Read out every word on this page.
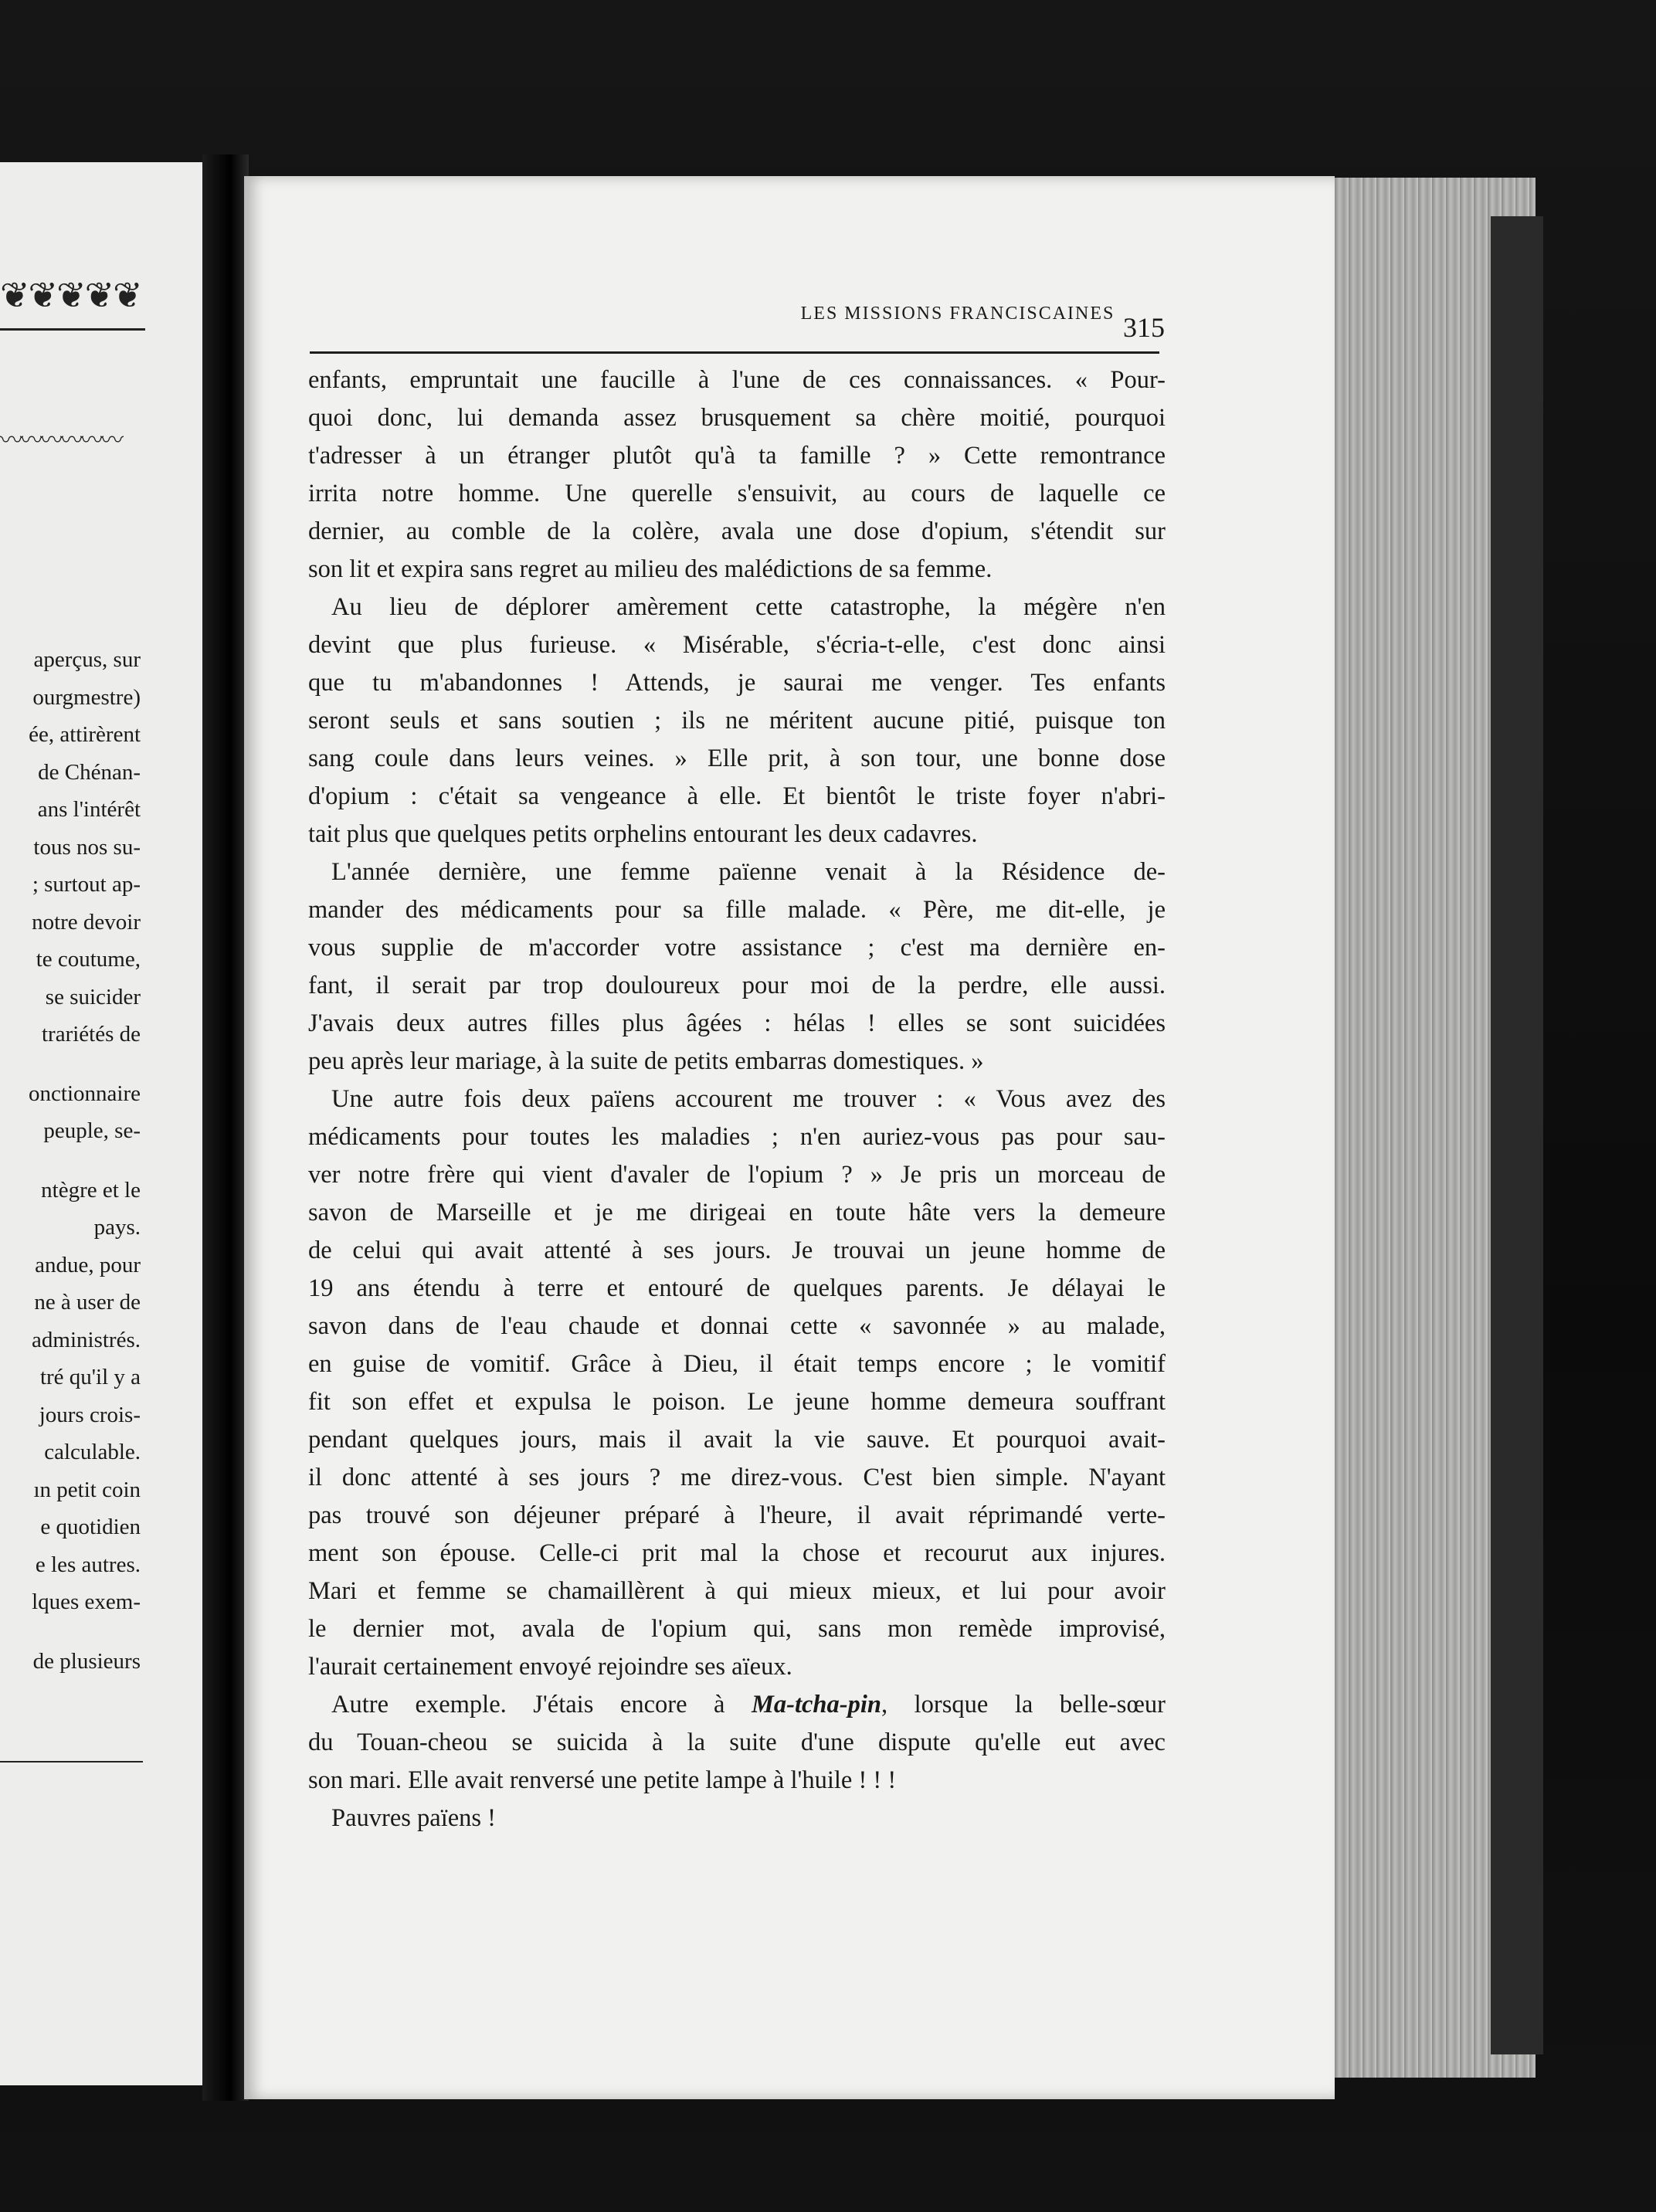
❦❦❦❦❦
〰〰〰〰〰〰
aperçus, sur
ourgmestre)
ée, attirèrent
de Chénan-
ans l'intérêt
tous nos su-
; surtout ap-
notre devoir
te coutume,
se suicider
trariétés de
onctionnaire
peuple, se-
ntègre et le
pays.
andue, pour
ne à user de
administrés.
tré qu'il y a
jours crois-
calculable.
ın petit coin
e quotidien
e les autres.
lques exem-
de plusieurs
LES MISSIONS FRANCISCAINES 315
enfants, empruntait une faucille à l'une de ces connaissances. « Pour-
quoi donc, lui demanda assez brusquement sa chère moitié, pourquoi
t'adresser à un étranger plutôt qu'à ta famille ? » Cette remontrance
irrita notre homme. Une querelle s'ensuivit, au cours de laquelle ce
dernier, au comble de la colère, avala une dose d'opium, s'étendit sur
son lit et expira sans regret au milieu des malédictions de sa femme.
Au lieu de déplorer amèrement cette catastrophe, la mégère n'en
devint que plus furieuse. « Misérable, s'écria-t-elle, c'est donc ainsi
que tu m'abandonnes ! Attends, je saurai me venger. Tes enfants
seront seuls et sans soutien ; ils ne méritent aucune pitié, puisque ton
sang coule dans leurs veines. » Elle prit, à son tour, une bonne dose
d'opium : c'était sa vengeance à elle. Et bientôt le triste foyer n'abri-
tait plus que quelques petits orphelins entourant les deux cadavres.
L'année dernière, une femme païenne venait à la Résidence de-
mander des médicaments pour sa fille malade. « Père, me dit-elle, je
vous supplie de m'accorder votre assistance ; c'est ma dernière en-
fant, il serait par trop douloureux pour moi de la perdre, elle aussi.
J'avais deux autres filles plus âgées : hélas ! elles se sont suicidées
peu après leur mariage, à la suite de petits embarras domestiques. »
Une autre fois deux païens accourent me trouver : « Vous avez des
médicaments pour toutes les maladies ; n'en auriez-vous pas pour sau-
ver notre frère qui vient d'avaler de l'opium ? » Je pris un morceau de
savon de Marseille et je me dirigeai en toute hâte vers la demeure
de celui qui avait attenté à ses jours. Je trouvai un jeune homme de
19 ans étendu à terre et entouré de quelques parents. Je délayai le
savon dans de l'eau chaude et donnai cette « savonnée » au malade,
en guise de vomitif. Grâce à Dieu, il était temps encore ; le vomitif
fit son effet et expulsa le poison. Le jeune homme demeura souffrant
pendant quelques jours, mais il avait la vie sauve. Et pourquoi avait-
il donc attenté à ses jours ? me direz-vous. C'est bien simple. N'ayant
pas trouvé son déjeuner préparé à l'heure, il avait réprimandé verte-
ment son épouse. Celle-ci prit mal la chose et recourut aux injures.
Mari et femme se chamaillèrent à qui mieux mieux, et lui pour avoir
le dernier mot, avala de l'opium qui, sans mon remède improvisé,
l'aurait certainement envoyé rejoindre ses aïeux.
Autre exemple. J'étais encore à Ma-tcha-pin, lorsque la belle-sœur
du Touan-cheou se suicida à la suite d'une dispute qu'elle eut avec
son mari. Elle avait renversé une petite lampe à l'huile ! ! !
Pauvres païens !
